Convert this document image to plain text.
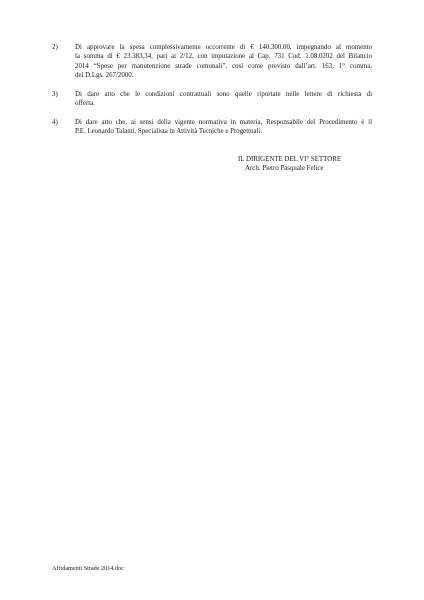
2)	Di approvare la spesa complessivamente occorrente di € 140.300,00, impegnando al momento
la somma di € 23.383,34, pari ai 2/12, con imputazione al Cap. 731 Cod. 1.08.0202 del Bilancio
2014 “Spese per manutenzione strade comunali”, così come previsto dall’art. 163, 1° comma,
del D.Lgs. 267/2000.
3)	Di dare atto che le condizioni contrattuali sono quelle riportate nelle lettere di richiesta di
offerta.
4)	Di dare atto che, ai sensi della vigente normativa in materia, Responsabile del Procedimento è il
P.E. Leonardo Talanti, Specialista in Attività Tecniche e Progettuali.
IL DIRIGENTE DEL VI° SETTORE
Arch. Pietro Pasquale Felice
Affidamenti Strade 2014.doc
